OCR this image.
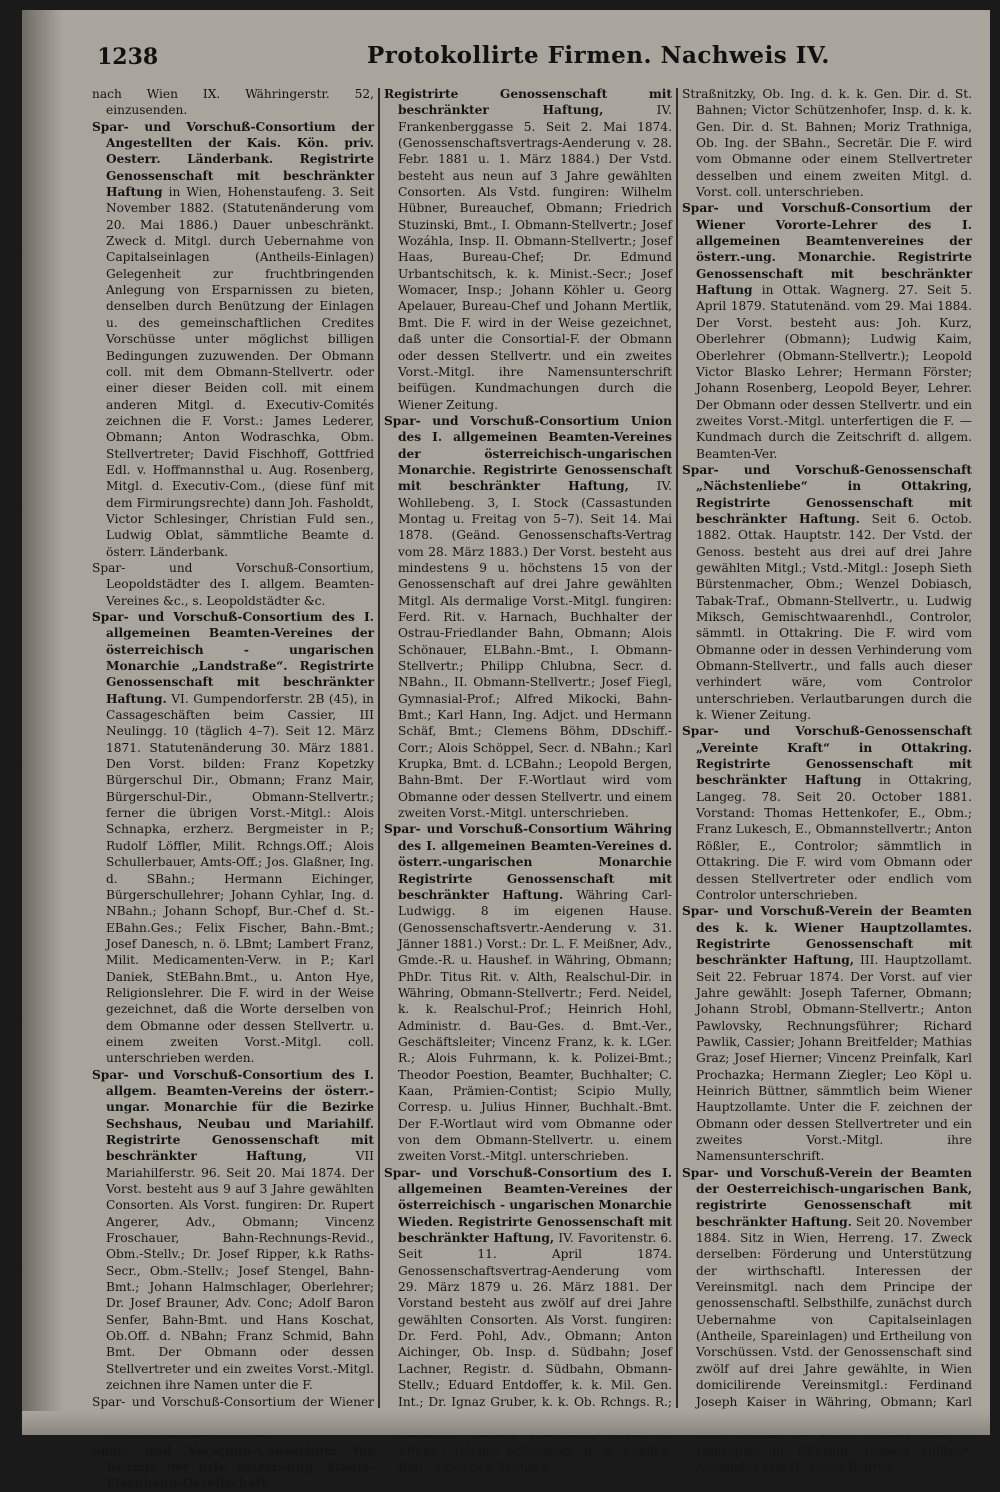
1238	Protokollirte Firmen. Nachweis IV.
nach Wien IX. Währingerstr. 52, einzusenden.
Spar- und Vorschuß-Consortium der Angestellten der Kais. Kön. priv. Oesterr. Länderbank. Registrirte Genossenschaft mit beschränkter Haftung in Wien, Hohenstaufeng. 3. Seit November 1882. (Statutenänderung vom 20. Mai 1886.) Dauer unbeschränkt. Zweck d. Mitgl. durch Uebernahme von Capitalseinlagen (Antheils-Einlagen) Gelegenheit zur fruchtbringenden Anlegung von Ersparnissen zu bieten, denselben durch Benützung der Einlagen u. des gemeinschaftlichen Credites Vorschüsse unter möglichst billigen Bedingungen zuzuwenden. Der Obmann coll. mit dem Obmann-Stellvertr. oder einer dieser Beiden coll. mit einem anderen Mitgl. d. Executiv-Comités zeichnen die F. Vorst.: James Lederer, Obmann; Anton Wodraschka, Obm. Stellvertreter; David Fischhoff, Gottfried Edl. v. Hoffmannsthal u. Aug. Rosenberg, Mitgl. d. Executiv-Com., (diese fünf mit dem Firmirungsrechte) dann Joh. Fasholdt, Victor Schlesinger, Christian Fuld sen., Ludwig Oblat, sämmtliche Beamte d. österr. Länderbank.
Spar- und Vorschuß-Consortium, Leopoldstädter des I. allgem. Beamten-Vereines &c., s. Leopoldstädter &c.
Spar- und Vorschuß-Consortium des I. allgemeinen Beamten-Vereines der österreichisch - ungarischen Monarchie „Landstraße“. Registrirte Genossenschaft mit beschränkter Haftung. VI. Gumpendorferstr. 2B (45), in Cassageschäften beim Cassier, III Neulingg. 10 (täglich 4–7). Seit 12. März 1871. Statutenänderung 30. März 1881. Den Vorst. bilden: Franz Kopetzky Bürgerschul Dir., Obmann; Franz Mair, Bürgerschul-Dir., Obmann-Stellvertr.; ferner die übrigen Vorst.-Mitgl.: Alois Schnapka, erzherz. Bergmeister in P.; Rudolf Löffler, Milit. Rchngs.Off.; Alois Schullerbauer, Amts-Off.; Jos. Glaßner, Ing. d. SBahn.; Hermann Eichinger, Bürgerschullehrer; Johann Cyhlar, Ing. d. NBahn.; Johann Schopf, Bur.-Chef d. St.-EBahn.Ges.; Felix Fischer, Bahn.-Bmt.; Josef Danesch, n. ö. LBmt; Lambert Franz, Milit. Medicamenten-Verw. in P.; Karl Daniek, StEBahn.Bmt., u. Anton Hye, Religionslehrer. Die F. wird in der Weise gezeichnet, daß die Worte derselben von dem Obmanne oder dessen Stellvertr. u. einem zweiten Vorst.-Mitgl. coll. unterschrieben werden.
Spar- und Vorschuß-Consortium des I. allgem. Beamten-Vereins der österr.-ungar. Monarchie für die Bezirke Sechshaus, Neubau und Mariahilf. Registrirte Genossenschaft mit beschränkter Haftung,	VII Mariahilferstr. 96. Seit 20. Mai 1874. Der Vorst. besteht aus 9 auf 3 Jahre gewählten Consorten. Als Vorst. fungiren: Dr. Rupert Angerer, Adv., Obmann; Vincenz Froschauer, Bahn-Rechnungs-Revid., Obm.-Stellv.; Dr. Josef Ripper, k.k Raths-Secr., Obm.-Stellv.; Josef Stengel, Bahn-Bmt.; Johann Halmschlager, Oberlehrer; Dr. Josef Brauner, Adv. Conc; Adolf Baron Senfer, Bahn-Bmt. und Hans Koschat, Ob.Off. d. NBahn; Franz Schmid, Bahn Bmt. Der Obmann oder dessen Stellvertreter und ein zweites Vorst.-Mitgl. zeichnen ihre Namen unter die F.
Spar- und Vorschuß-Consortium der Wiener
Spar- und Vorschuß-Consortium für Beamte der priv. österr.-ung. Staats-Eisenbahn-Gesellschaft.
Registrirte Genossenschaft mit beschränkter Haftung,	IV. Frankenberggasse 5. Seit 2. Mai 1874. (Genossenschaftsvertrags-Aenderung v. 28. Febr. 1881 u. 1. März 1884.) Der Vstd. besteht aus neun auf 3 Jahre gewählten Consorten. Als Vstd. fungiren: Wilhelm Hübner, Bureauchef, Obmann; Friedrich Stuzinski, Bmt., I. Obmann-Stellvertr.; Josef Wozáhla, Insp. II. Obmann-Stellvertr.; Josef Haas, Bureau-Chef; Dr. Edmund Urbantschitsch, k. k. Minist.-Secr.; Josef Womacer, Insp.; Johann Köhler u. Georg Apelauer, Bureau-Chef und Johann Mertlik, Bmt. Die F. wird in der Weise gezeichnet, daß unter die Consortial-F. der Obmann oder dessen Stellvertr. und ein zweites Vorst.-Mitgl. ihre Namensunterschrift beifügen. Kundmachungen durch die Wiener Zeitung.
Spar- und Vorschuß-Consortium Union des I. allgemeinen Beamten-Vereines der österreichisch-ungarischen Monarchie. Registrirte Genossenschaft mit beschränkter Haftung, IV. Wohllebeng. 3, I. Stock (Cassastunden Montag u. Freitag von 5–7). Seit 14. Mai 1878. (Geänd. Genossenschafts-Vertrag vom 28. März 1883.) Der Vorst. besteht aus mindestens 9 u. höchstens 15 von der Genossenschaft auf drei Jahre gewählten Mitgl. Als dermalige Vorst.-Mitgl. fungiren: Ferd. Rit. v. Harnach, Buchhalter der Ostrau-Friedlander Bahn, Obmann; Alois Schönauer, ELBahn.-Bmt., I. Obmann-Stellvertr.; Philipp Chlubna, Secr. d. NBahn., II. Obmann-Stellvertr.; Josef Fiegl, Gymnasial-Prof.; Alfred Mikocki, Bahn-Bmt.; Karl Hann, Ing. Adjct. und Hermann Schäf, Bmt.; Clemens Böhm, DDschiff.-Corr.; Alois Schöppel, Secr. d. NBahn.; Karl Krupka, Bmt. d. LCBahn.; Leopold Bergen, Bahn-Bmt. Der F.-Wortlaut wird vom Obmanne oder dessen Stellvertr. und einem zweiten Vorst.-Mitgl. unterschrieben.
Spar- und Vorschuß-Consortium Währing des I. allgemeinen Beamten-Vereines d. österr.-ungarischen Monarchie Registrirte Genossenschaft mit beschränkter Haftung. Währing Carl-Ludwigg. 8 im eigenen Hause. (Genossenschaftsvertr.-Aenderung v. 31. Jänner 1881.) Vorst.: Dr. L. F. Meißner, Adv., Gmde.-R. u. Haushef. in Währing, Obmann; PhDr. Titus Rit. v. Alth, Realschul-Dir. in Währing, Obmann-Stellvertr.; Ferd. Neidel, k. k. Realschul-Prof.; Heinrich Hohl, Administr. d. Bau-Ges. d. Bmt.-Ver., Geschäftsleiter; Vincenz Franz, k. k. LGer. R.; Alois Fuhrmann, k. k. Polizei-Bmt.; Theodor Poestion, Beamter, Buchhalter; C. Kaan, Prämien-Contist; Scipio Mully, Corresp. u. Julius Hinner, Buchhalt.-Bmt. Der F.-Wortlaut wird vom Obmanne oder von dem Obmann-Stellvertr. u. einem zweiten Vorst.-Mitgl. unterschrieben.
Spar- und Vorschuß-Consortium des I. allgemeinen Beamten-Vereines der österreichisch - ungarischen Monarchie Wieden. Registrirte Genossenschaft mit beschränkter Haftung, IV. Favoritenstr. 6. Seit 11. April 1874. Genossenschaftsvertrag-Aenderung vom 29. März 1879 u. 26. März 1881. Der Vorstand besteht aus zwölf auf drei Jahre gewählten Consorten. Als Vorst. fungiren: Dr. Ferd. Pohl, Adv., Obmann; Anton Aichinger, Ob. Insp. d. Südbahn; Josef Lachner, Registr. d. Südbahn, Obmann-Stellv.; Eduard Entdoffer, k. k. Mil. Gen. Int.; Dr. Ignaz Gruber, k. k. Ob. Rchngs. R.; SBahn.; Johann Schrenckh, n. ö. Landes-Bmt.; Friedrich Schulz v.
Straßnitzky, Ob. Ing. d. k. k. Gen. Dir. d. St. Bahnen; Victor Schützenhofer, Insp. d. k. k. Gen. Dir. d. St. Bahnen; Moriz Trathniga, Ob. Ing. der SBahn., Secretär. Die F. wird vom Obmanne oder einem Stellvertreter desselben und einem zweiten Mitgl. d. Vorst. coll. unterschrieben.
Spar- und Vorschuß-Consortium der Wiener Vororte-Lehrer des I. allgemeinen Beamtenvereines der österr.-ung. Monarchie. Registrirte Genossenschaft mit beschränkter Haftung in Ottak. Wagnerg. 27. Seit 5. April 1879. Statutenänd. vom 29. Mai 1884. Der Vorst. besteht aus: Joh. Kurz, Oberlehrer (Obmann); Ludwig Kaim, Oberlehrer (Obmann-Stellvertr.); Leopold Victor Blasko Lehrer; Hermann Förster; Johann Rosenberg, Leopold Beyer, Lehrer. Der Obmann oder dessen Stellvertr. und ein zweites Vorst.-Mitgl. unterfertigen die F. — Kundmach durch die Zeitschrift d. allgem. Beamten-Ver.
Spar- und Vorschuß-Genossenschaft „Nächstenliebe“ in Ottakring, Registrirte Genossenschaft mit beschränkter Haftung. Seit 6. Octob. 1882. Ottak. Hauptstr. 142. Der Vstd. der Genoss. besteht aus drei auf drei Jahre gewählten Mitgl.; Vstd.-Mitgl.: Joseph Sieth Bürstenmacher, Obm.; Wenzel Dobiasch, Tabak-Traf., Obmann-Stellvertr., u. Ludwig Miksch, Gemischtwaarenhdl., Controlor, sämmtl. in Ottakring. Die F. wird vom Obmanne oder in dessen Verhinderung vom Obmann-Stellvertr., und falls auch dieser verhindert wäre, vom Controlor unterschrieben. Verlautbarungen durch die k. Wiener Zeitung.
Spar- und Vorschuß-Genossenschaft „Vereinte Kraft“ in Ottakring. Registrirte Genossenschaft mit beschränkter Haftung in Ottakring, Langeg. 78. Seit 20. October 1881. Vorstand: Thomas Hettenkofer, E., Obm.; Franz Lukesch, E., Obmannstellvertr.; Anton Rößler, E., Controlor; sämmtlich in Ottakring. Die F. wird vom Obmann oder dessen Stellvertreter oder endlich vom Controlor unterschrieben.
Spar- und Vorschuß-Verein der Beamten des k. k. Wiener Hauptzollamtes. Registrirte Genossenschaft mit beschränkter Haftung, III. Hauptzollamt. Seit 22. Februar 1874. Der Vorst. auf vier Jahre gewählt: Joseph Taferner, Obmann; Johann Strobl, Obmann-Stellvertr.; Anton Pawlovsky, Rechnungsführer; Richard Pawlik, Cassier; Johann Breitfelder; Mathias Graz; Josef Hierner; Vincenz Preinfalk, Karl Prochazka; Hermann Ziegler; Leo Köpl u. Heinrich Büttner, sämmtlich beim Wiener Hauptzollamte. Unter die F. zeichnen der Obmann oder dessen Stellvertreter und ein zweites Vorst.-Mitgl. ihre Namensunterschrift.
Spar- und Vorschuß-Verein der Beamten der Oesterreichisch-ungarischen Bank, registrirte Genossenschaft mit beschränkter Haftung. Seit 20. November 1884. Sitz in Wien, Herreng. 17. Zweck derselben: Förderung und Unterstützung der wirthschaftl. Interessen der Vereinsmitgl. nach dem Principe der genossenschaftl. Selbsthilfe, zunächst durch Uebernahme von Capitalseinlagen (Antheile, Spareinlagen) und Ertheilung von Vorschüssen. Vstd. der Genossenschaft sind zwölf auf drei Jahre gewählte, in Wien domicilirende Vereinsmitgl.: Ferdinand Joseph Kaiser in Währing, Obmann; Karl Henriquez in Währing; Ludwig Holtzer; Alexander Libert; Moriz Redten-
